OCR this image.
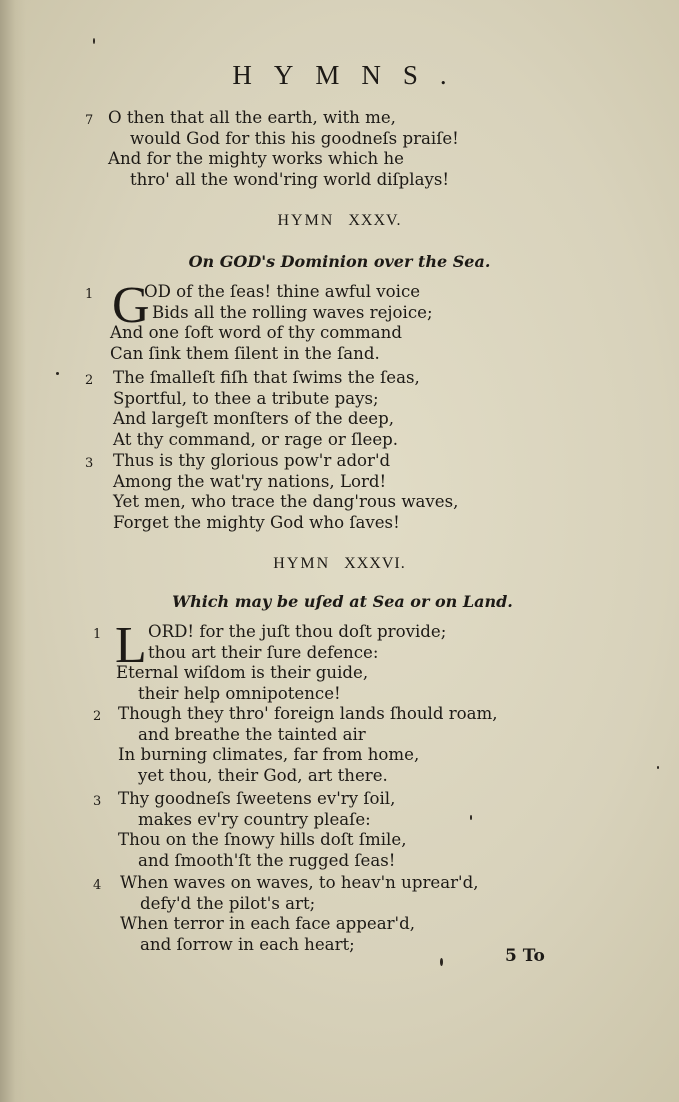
HYMNS.
7 O then that all the earth, with me,
would God for this his goodneſs praiſe!
And for the mighty works which he
thro' all the wond'ring world diſplays!
HYMN XXXV.
On GOD's Dominion over the Sea.
1 G
OD of the ſeas! thine awful voice
Bids all the rolling waves rejoice;
And one ſoft word of thy command
Can ſink them ſilent in the ſand.
2	The ſmalleſt fiſh that ſwims the ſeas,
Sportful, to thee a tribute pays;
And largeſt monſters of the deep,
At thy command, or rage or ſleep.
3	Thus is thy glorious pow'r ador'd
Among the wat'ry nations, Lord!
Yet men, who trace the dang'rous waves,
Forget the mighty God who ſaves!
HYMN XXXVI.
Which may be uſed at Sea or on Land.
1 L ORD! for the juſt thou doſt provide;
thou art their ſure defence:
Eternal wiſdom is their guide,
their help omnipotence!
2	Though they thro' foreign lands ſhould roam,
and breathe the tainted air
In burning climates, far from home,
yet thou, their God, art there.
3	Thy goodneſs ſweetens ev'ry ſoil,
makes ev'ry country pleaſe:
Thou on the ſnowy hills doſt ſmile,
and ſmooth'ſt the rugged ſeas!
4	When waves on waves, to heav'n uprear'd,
defy'd the pilot's art;
When terror in each face appear'd,
and ſorrow in each heart;
5 To
